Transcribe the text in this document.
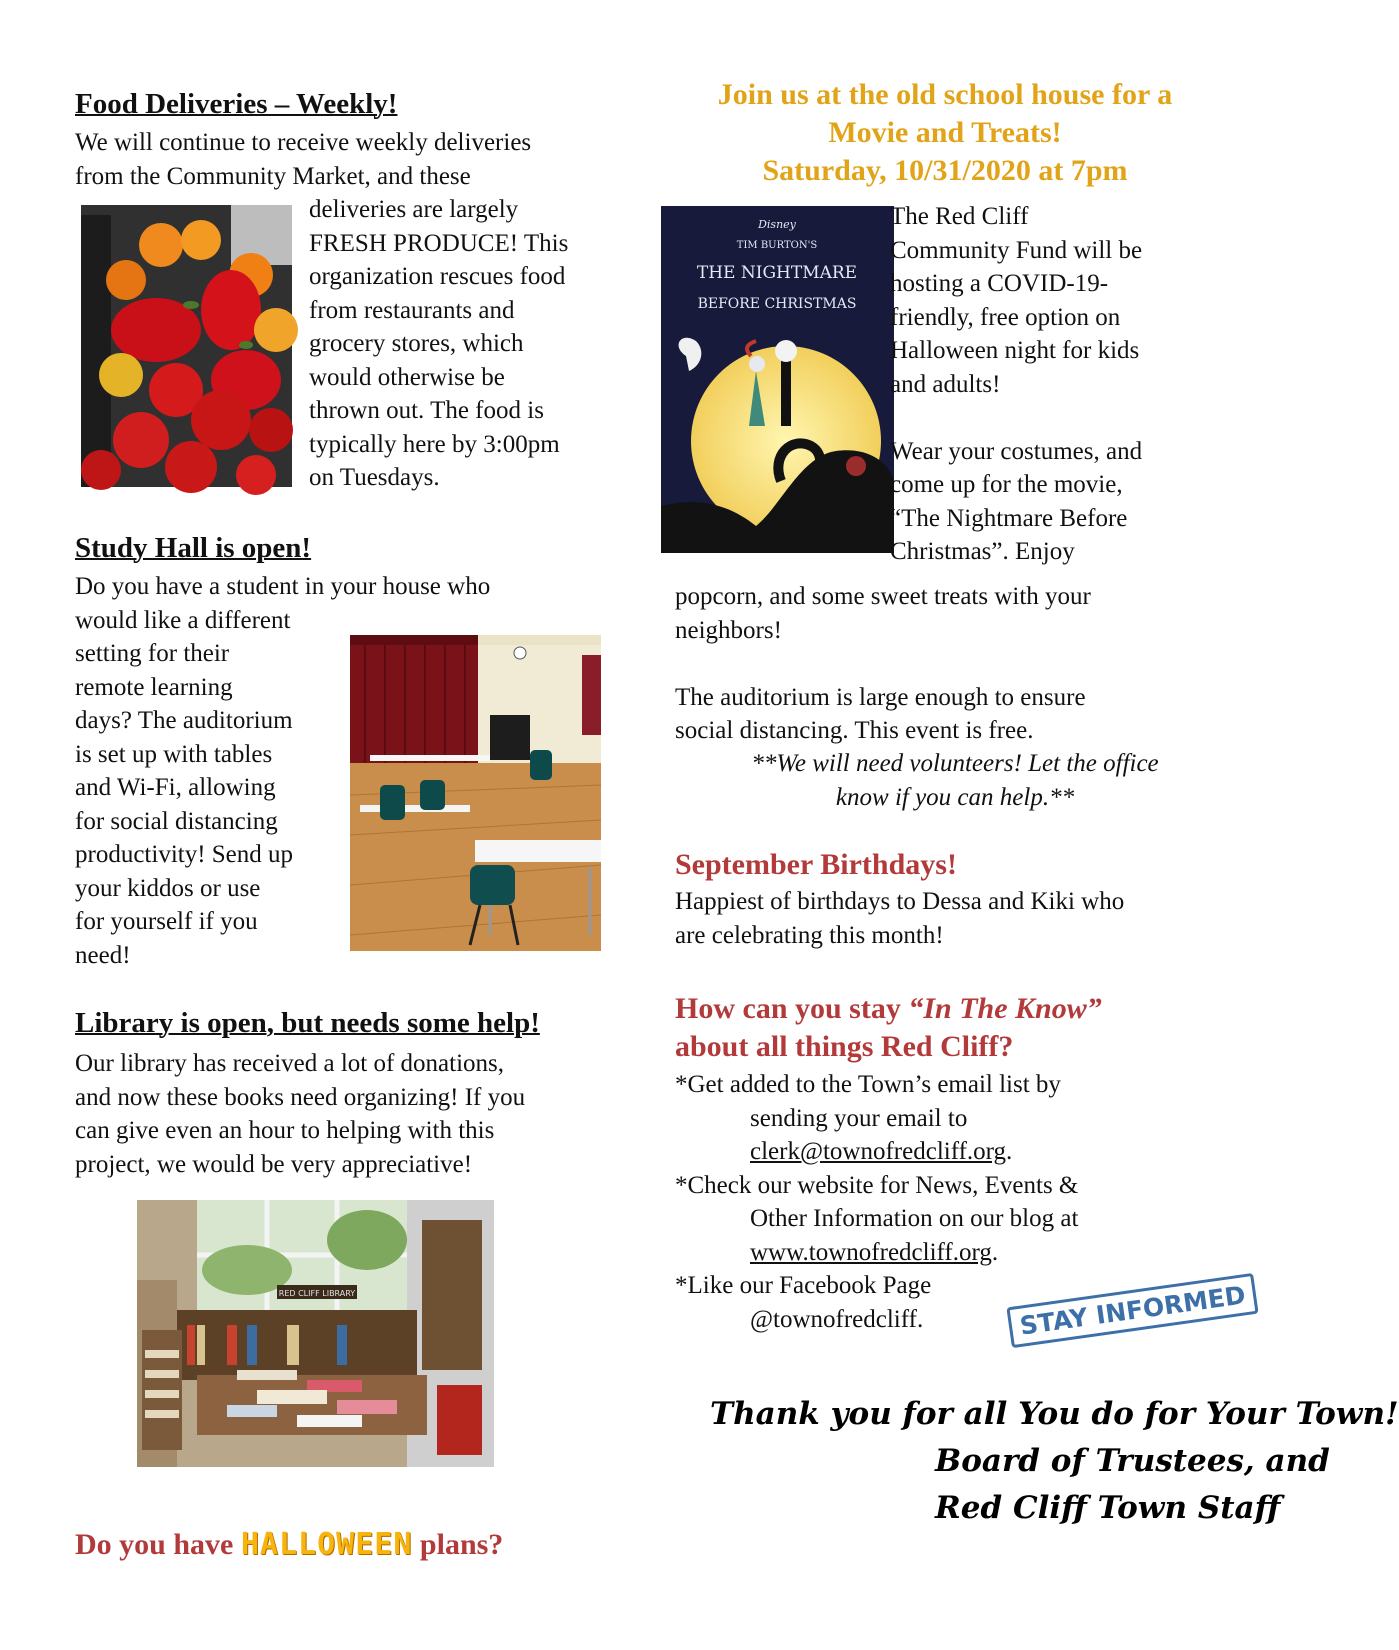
Food Deliveries – Weekly!
We will continue to receive weekly deliveries
from the Community Market, and these
deliveries are largely
FRESH PRODUCE! This
organization rescues food
from restaurants and
grocery stores, which
would otherwise be
thrown out. The food is
typically here by 3:00pm
on Tuesdays.
Study Hall is open!
Do you have a student in your house who
would like a different
setting for their
remote learning
days? The auditorium
is set up with tables
and Wi-Fi, allowing
for social distancing
productivity! Send up
your kiddos or use
for yourself if you
need!
Library is open, but needs some help!
Our library has received a lot of donations,
and now these books need organizing! If you
can give even an hour to helping with this
project, we would be very appreciative!
RED CLIFF LIBRARY
Do you have HALLOWEEN plans?
Join us at the old school house for a
Movie and Treats!
Saturday, 10/31/2020 at 7pm
Disney
TIM BURTON'S
THE NIGHTMARE
BEFORE CHRISTMAS
The Red Cliff
Community Fund will be
hosting a COVID-19-
friendly, free option on
Halloween night for kids
and adults!
Wear your costumes, and
come up for the movie,
“The Nightmare Before
Christmas”. Enjoy
popcorn, and some sweet treats with your
neighbors!
The auditorium is large enough to ensure
social distancing. This event is free.
**We will need volunteers! Let the office
know if you can help.**
September Birthdays!
Happiest of birthdays to Dessa and Kiki who
are celebrating this month!
How can you stay “In The Know”
about all things Red Cliff?
*Get added to the Town’s email list by
sending your email to
clerk@townofredcliff.org.
*Check our website for News, Events &
Other Information on our blog at
www.townofredcliff.org.
*Like our Facebook Page
@townofredcliff.	STAY INFORMED
Thank you for all You do for Your Town!
Board of Trustees, and
Red Cliff Town Staff
